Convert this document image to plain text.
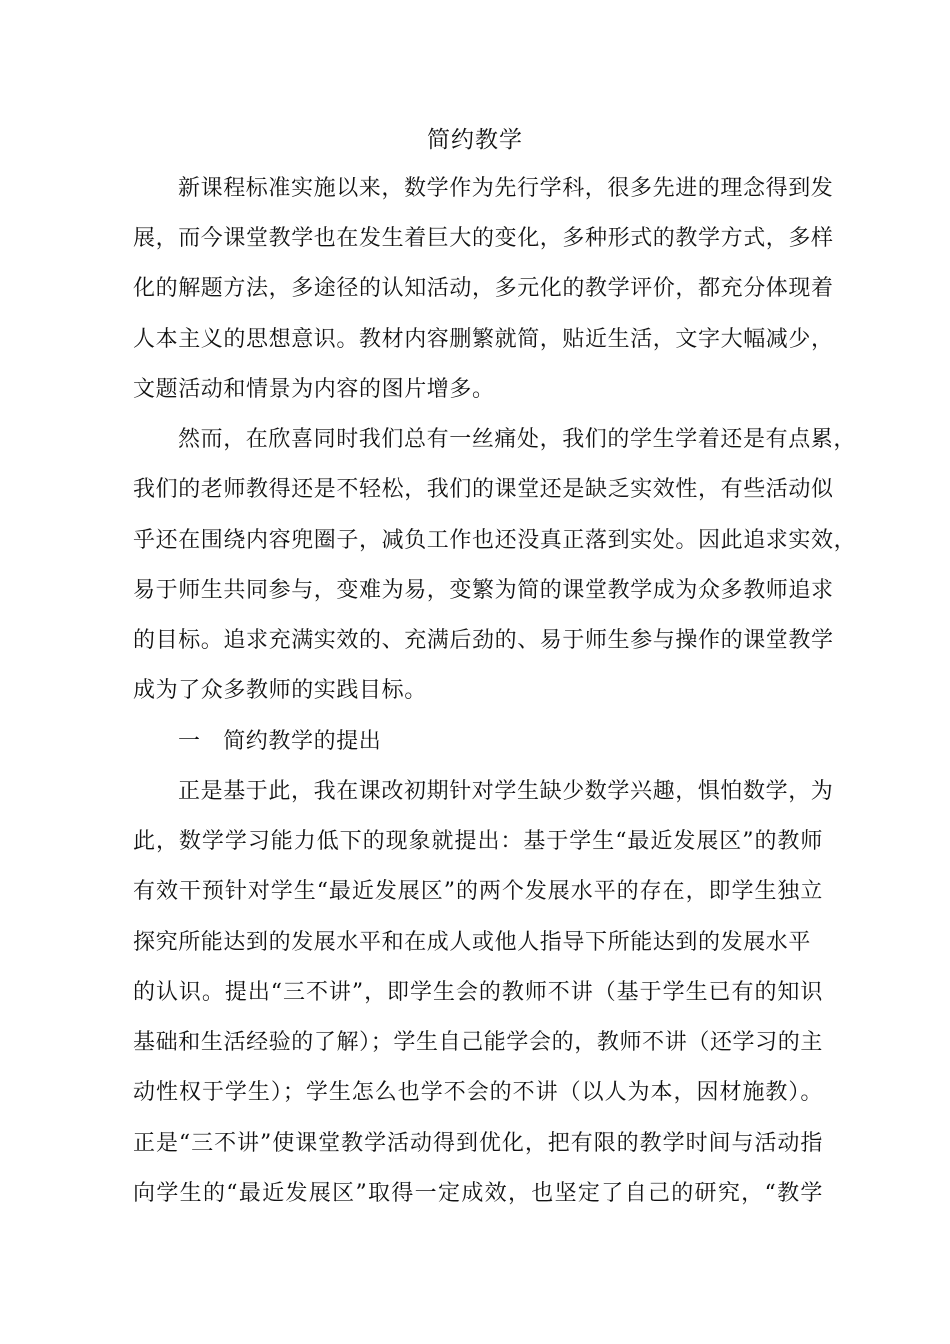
简约教学
新课程标准实施以来，数学作为先行学科，很多先进的理念得到发
展，而今课堂教学也在发生着巨大的变化，多种形式的教学方式，多样
化的解题方法，多途径的认知活动，多元化的教学评价，都充分体现着
人本主义的思想意识。教材内容删繁就简，贴近生活，文字大幅减少，
文题活动和情景为内容的图片增多。
然而，在欣喜同时我们总有一丝痛处，我们的学生学着还是有点累，
我们的老师教得还是不轻松，我们的课堂还是缺乏实效性，有些活动似
乎还在围绕内容兜圈子，减负工作也还没真正落到实处。因此追求实效，
易于师生共同参与，变难为易，变繁为简的课堂教学成为众多教师追求
的目标。追求充满实效的、充满后劲的、易于师生参与操作的课堂教学
成为了众多教师的实践目标。
一　简约教学的提出
正是基于此，我在课改初期针对学生缺少数学兴趣，惧怕数学，为
此，数学学习能力低下的现象就提出：基于学生“最近发展区”的教师
有效干预针对学生“最近发展区”的两个发展水平的存在，即学生独立
探究所能达到的发展水平和在成人或他人指导下所能达到的发展水平
的认识。提出“三不讲”，即学生会的教师不讲（基于学生已有的知识
基础和生活经验的了解）；学生自己能学会的，教师不讲（还学习的主
动性权于学生）；学生怎么也学不会的不讲（以人为本，因材施教）。
正是“三不讲”使课堂教学活动得到优化，把有限的教学时间与活动指
向学生的“最近发展区”取得一定成效，也坚定了自己的研究，“教学
